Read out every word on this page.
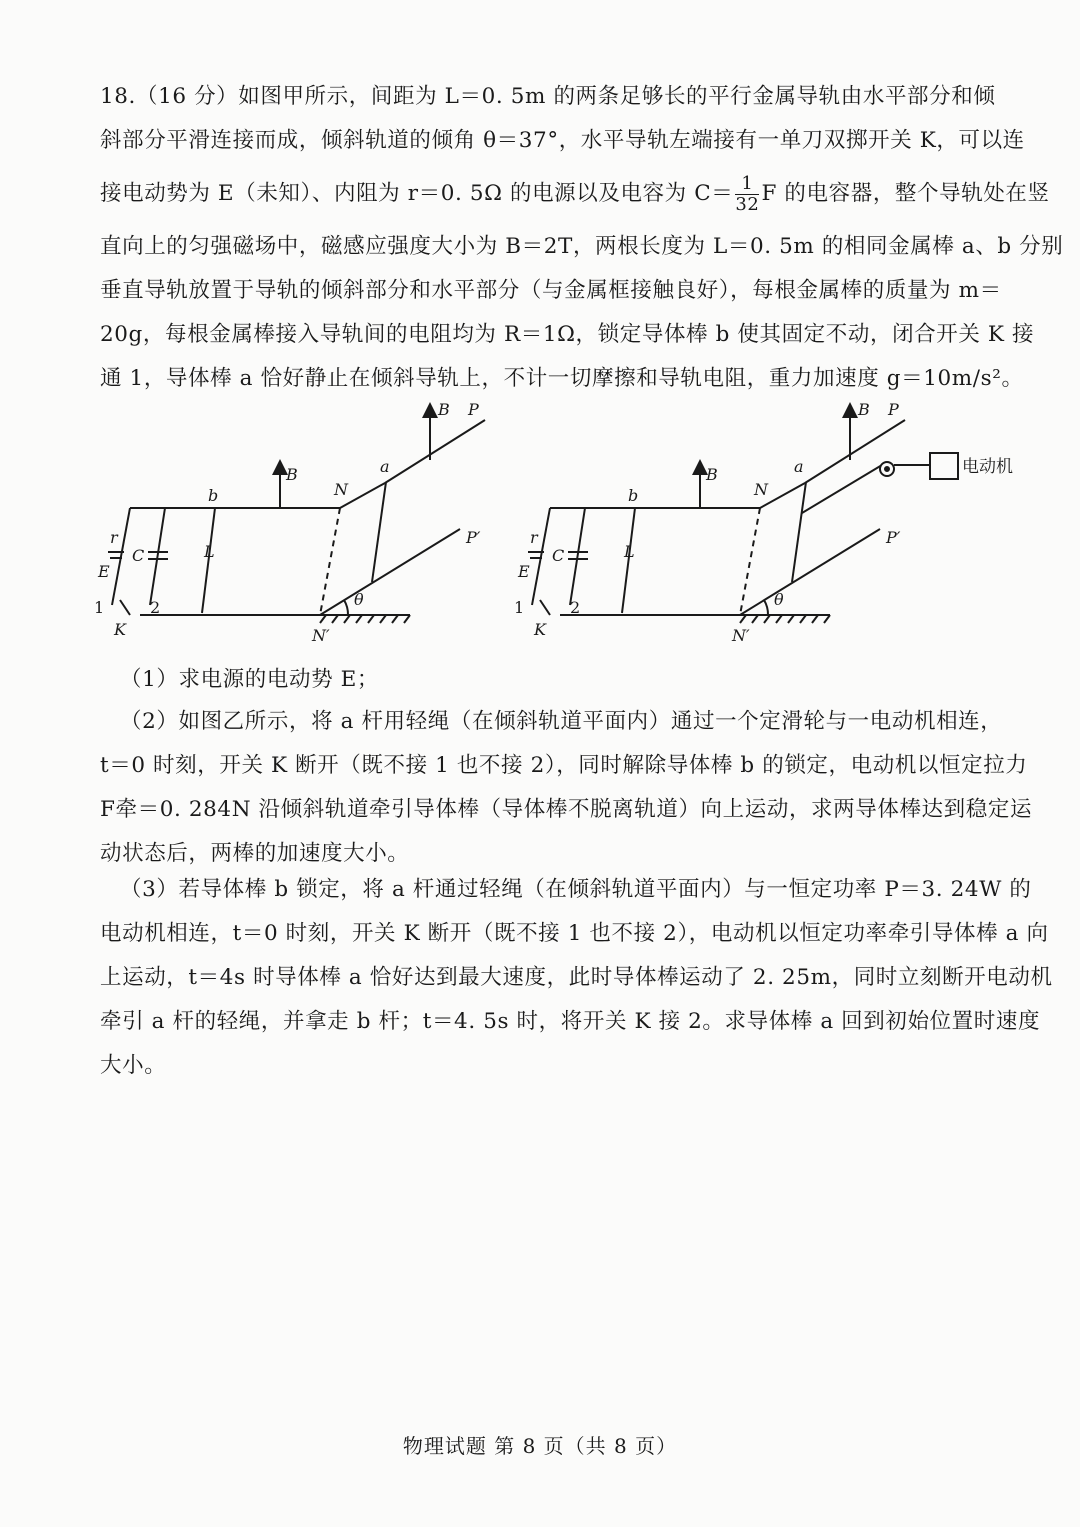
18.（16 分）如图甲所示，间距为 L＝0. 5m 的两条足够长的平行金属导轨由水平部分和倾
斜部分平滑连接而成，倾斜轨道的倾角 θ＝37°，水平导轨左端接有一单刀双掷开关 K，可以连
接电动势为 E（未知）、内阻为 r＝0. 5Ω 的电源以及电容为 $C= \frac{1}{32}$ F 的电容器，整个导轨处在竖
直向上的匀强磁场中，磁感应强度大小为 B＝2T，两根长度为 L＝0. 5m 的相同金属棒 a、b 分别
垂直导轨放置于导轨的倾斜部分和水平部分（与金属框接触良好），每根金属棒的质量为 m＝
20g，每根金属棒接入导轨间的电阻均为 R＝1Ω，锁定导体棒 b 使其固定不动，闭合开关 K 接
通 1，导体棒 a 恰好静止在倾斜导轨上，不计一切摩擦和导轨电阻，重力加速度 g＝10m/s²。
B P
B
N
a
b
P′
N′
L
r
C
E
θ
1	2
K
B P
B
N
a
b
P′
N′
L
r
C
E
θ
1	2
K
电动机
（1）求电源的电动势 E；
（2）如图乙所示，将 a 杆用轻绳（在倾斜轨道平面内）通过一个定滑轮与一电动机相连，
t＝0 时刻，开关 K 断开（既不接 1 也不接 2），同时解除导体棒 b 的锁定，电动机以恒定拉力
F牵＝0. 284N 沿倾斜轨道牵引导体棒（导体棒不脱离轨道）向上运动，求两导体棒达到稳定运
动状态后，两棒的加速度大小。
（3）若导体棒 b 锁定，将 a 杆通过轻绳（在倾斜轨道平面内）与一恒定功率 P＝3. 24W 的
电动机相连，t＝0 时刻，开关 K 断开（既不接 1 也不接 2），电动机以恒定功率牵引导体棒 a 向
上运动，t＝4s 时导体棒 a 恰好达到最大速度，此时导体棒运动了 2. 25m，同时立刻断开电动机
牵引 a 杆的轻绳，并拿走 b 杆；t＝4. 5s 时，将开关 K 接 2。求导体棒 a 回到初始位置时速度
大小。
物理试题 第 8 页（共 8 页）
